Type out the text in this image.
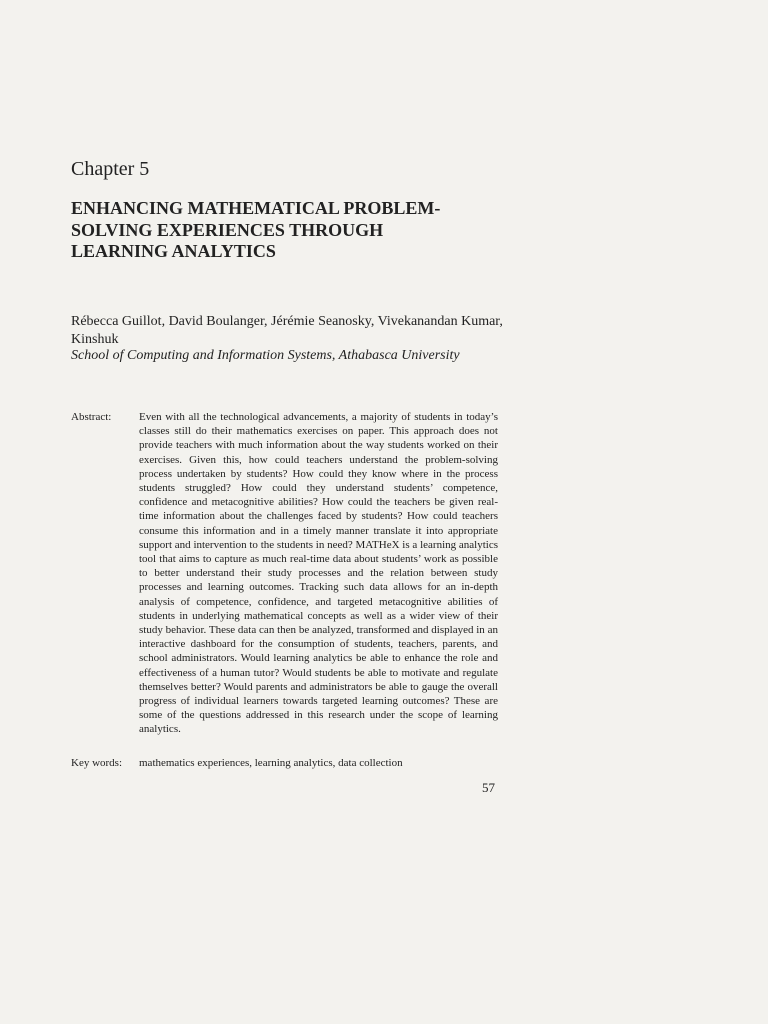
Chapter 5
ENHANCING MATHEMATICAL PROBLEM-
SOLVING EXPERIENCES THROUGH
LEARNING ANALYTICS
Rébecca Guillot, David Boulanger, Jérémie Seanosky, Vivekanandan Kumar,
Kinshuk
School of Computing and Information Systems, Athabasca University
Abstract:	Even with all the technological advancements, a majority of students in today’s classes still do their mathematics exercises on paper. This approach does not provide teachers with much information about the way students worked on their exercises. Given this, how could teachers understand the problem-solving process undertaken by students? How could they know where in the process students struggled? How could they understand students’ competence, confidence and metacognitive abilities? How could the teachers be given real-time information about the challenges faced by students? How could teachers consume this information and in a timely manner translate it into appropriate support and intervention to the students in need? MATHeX is a learning analytics tool that aims to capture as much real-time data about students’ work as possible to better understand their study processes and the relation between study processes and learning outcomes. Tracking such data allows for an in-depth analysis of competence, confidence, and targeted metacognitive abilities of students in underlying mathematical concepts as well as a wider view of their study behavior. These data can then be analyzed, transformed and displayed in an interactive dashboard for the consumption of students, teachers, parents, and school administrators. Would learning analytics be able to enhance the role and effectiveness of a human tutor? Would students be able to motivate and regulate themselves better? Would parents and administrators be able to gauge the overall progress of individual learners towards targeted learning outcomes? These are some of the questions addressed in this research under the scope of learning analytics.
Key words: mathematics experiences, learning analytics, data collection
57
